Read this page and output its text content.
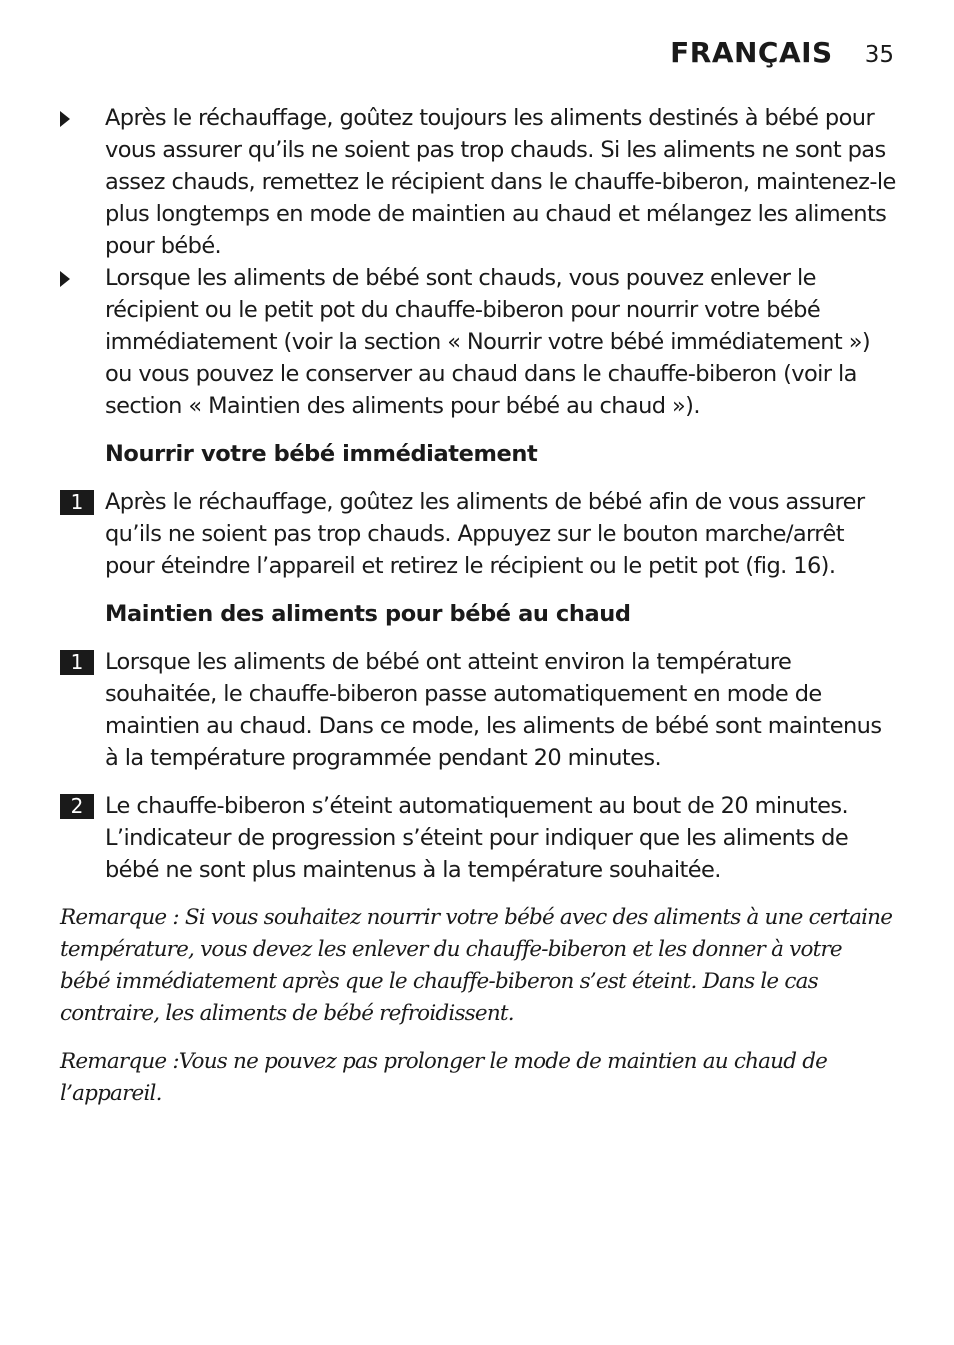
FRANÇAIS 35
Après le réchauffage, goûtez toujours les aliments destinés à bébé pour vous assurer qu’ils ne soient pas trop chauds. Si les aliments ne sont pas assez chauds, remettez le récipient dans le chauffe-biberon, maintenez-le plus longtemps en mode de maintien au chaud et mélangez les aliments pour bébé.
Lorsque les aliments de bébé sont chauds, vous pouvez enlever le récipient ou le petit pot du chauffe-biberon pour nourrir votre bébé immédiatement (voir la section « Nourrir votre bébé immédiatement ») ou vous pouvez le conserver au chaud dans le chauffe-biberon (voir la section « Maintien des aliments pour bébé au chaud »).
Nourrir votre bébé immédiatement
1 Après le réchauffage, goûtez les aliments de bébé afin de vous assurer qu’ils ne soient pas trop chauds. Appuyez sur le bouton marche/arrêt pour éteindre l’appareil et retirez le récipient ou le petit pot (fig. 16).
Maintien des aliments pour bébé au chaud
1 Lorsque les aliments de bébé ont atteint environ la température souhaitée, le chauffe-biberon passe automatiquement en mode de maintien au chaud. Dans ce mode, les aliments de bébé sont maintenus à la température programmée pendant 20 minutes.
2 Le chauffe-biberon s’éteint automatiquement au bout de 20 minutes. L’indicateur de progression s’éteint pour indiquer que les aliments de bébé ne sont plus maintenus à la température souhaitée.
Remarque : Si vous souhaitez nourrir votre bébé avec des aliments à une certaine température, vous devez les enlever du chauffe-biberon et les donner à votre bébé immédiatement après que le chauffe-biberon s’est éteint. Dans le cas contraire, les aliments de bébé refroidissent.
Remarque :Vous ne pouvez pas prolonger le mode de maintien au chaud de l’appareil.
